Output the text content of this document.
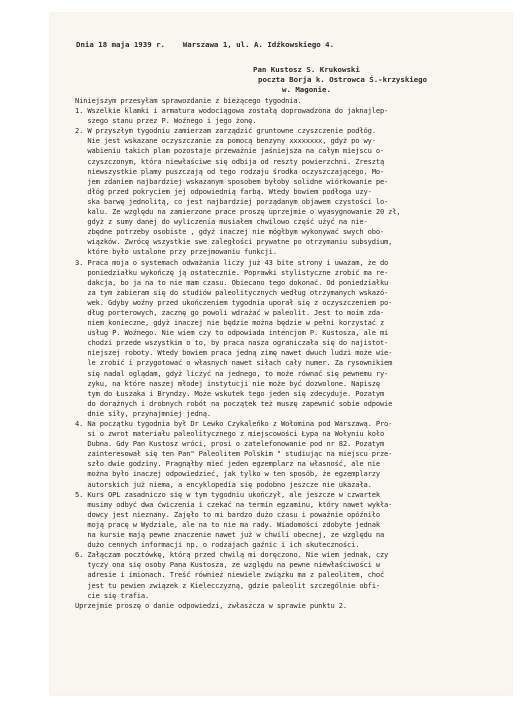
Dnia 18 maja 1939 r.    Warszawa 1, ul. A. Idźkowskiego 4.
Pan Kustosz S. Krukowski
poczta Borja k. Ostrowca Ś.-krzyskiego
w. Magonie.
Niniejszym przesyłam sprawozdanie z bieżącego tygodnia.
1. Wszelkie klamki i armatura wodociągowa zostałą doprowadzona do jaknajlep-
szego stanu przez P. Woźnego i jego żonę.
2. W przyszłym tygodniu zamierzam zarządzić gruntowne czyszczenie podłóg.
Nie jest wskazane oczyszczanie za pomocą benzyny xxxxxxxx, gdyż po wy-
wabieniu takich plam pozostaje przeważnie jaśniejsza na całym miejscu o-
czyszczonym, która niewłaściwe się odbija od reszty powierzchni. Zresztą
niewszystkie plamy puszczają od tego rodzaju środka oczyszczającego. Mo-
jem zdaniem najbardziej wskazanym sposobem byłoby solidne wiórkowanie pe-
dłóg przed pokryciem jej odpowiednią farbą. Wtedy bowiem podłoga uzy-
ska barwę jednolitą, co jest najbardziej porządanym objawem czystości lo-
kalu. Ze względu na zamierzone prace proszę uprzejmie o wyasygnowanie 20 zł,
gdyż z sumy danej do wyliczenia musiałem chwilowo część użyć na nie-
zbędne potrzeby osobiste , gdyż inaczej nie mógłbym wykonywać swych obo-
wiązków. Zwrócę wszystkie swe zaległości prywatne po otrzymaniu subsydium,
które było ustalone przy przejmowaniu funkcji.
3. Praca moja o systemach odważania liczy już 43 bite strony i uważam, że do
poniedziałku wykończę ją ostatecznie. Poprawki stylistyczne zrobić ma re-
dakcja, bo ja na to nie mam czasu. Obiecano tego dokonać. Od poniedziałku
za tym zabieram się do studiów paleolitycznych według otrzymanych wskazó-
wek. Gdyby woźny przed ukończeniem tygodnia uporał się z oczyszczeniem po-
dług porterowych, zacznę go powoli wdrażać w paleolit. Jest to moim zda-
niem konieczne, gdyż inaczej nie będzie można będzie w pełni korzystać z
usług P. Woźnego. Nie wiem czy to odpowiada intencjom P. Kustosza, ale mi
chodzi przede wszystkim o to, by praca nasza ograniczała się do najistot-
niejszej roboty. Wtedy bowiem praca jedną zimę nawet dwuch ludzi może wie-
le zrobić i przygotować o własnych nawet siłach cały numer. Za rysownikiem
się nadal oglądam, gdyż liczyć na jednego, to może równać się pewnemu ry-
zyku, na które naszej młodej instytucji nie może być dozwolone. Napiszę
tym do Łuszaka i Bryndzy. Może wskutek tego jeden się zdecyduje. Pozatym
do dorażnych i drobnych robót na początek też muszę zapewnić sobie odpowie
dnie siły, przynajmniej jedną.
4. Na początku tygodnia był Dr Lewko Czykaleńko z Wołomina pod Warszawą. Pro-
si o zwrot materiału paleolitycznego z miejscowości Łypa na Wołyniu koło
Dubna. Gdy Pan Kustosz wróci, prosi o zatelefonowanie pod nr 82. Pozatym
zainteresował się ten Pan" Paleolitem Polskim " studiując na miejscu prze-
szło dwie godziny. Pragnąłby mieć jeden egzemplarz na własność, ale nie
można było inaczej odpowiedzieć, jak tylko w ten sposób, że egzemplarzy
autorskich już niema, a encyklopedia się podobno jeszcze nie ukazała.
5. Kurs OPL zasadniczo się w tym tygodniu ukończył, ale jeszcze w czwartek
musimy odbyć dwa ćwiczenia i czekać na termin egzaminu, który nawet wykła-
dowcy jest nieznany. Zajęło to mi bardzo dużo czasu i poważnie opóźniło
moją pracę w Wydziale, ale na to nie ma rady. Wiadomości zdobyte jednak
na kursie mają pewne znaczenie nawet już w chwili obecnej, ze względu na
dużo cennych informacji np. o rodzajach gaźnic i ich skuteczności.
6. Załączam pocztówkę, którą przed chwilą mi doręczono. Nie wiem jednak, czy
tyczy ona się osoby Pana Kustosza, ze względu na pewne niewłaściwości w
adresie i imionach. Treść również niewiele związku ma z paleolitem, choć
jest tu pewien związek z Kielecczyzną, gdzie paleolit szczególnie obfi-
cie się trafia.
Uprzejmie proszę o danie odpowiedzi, zwłaszcza w sprawie punktu 2.
